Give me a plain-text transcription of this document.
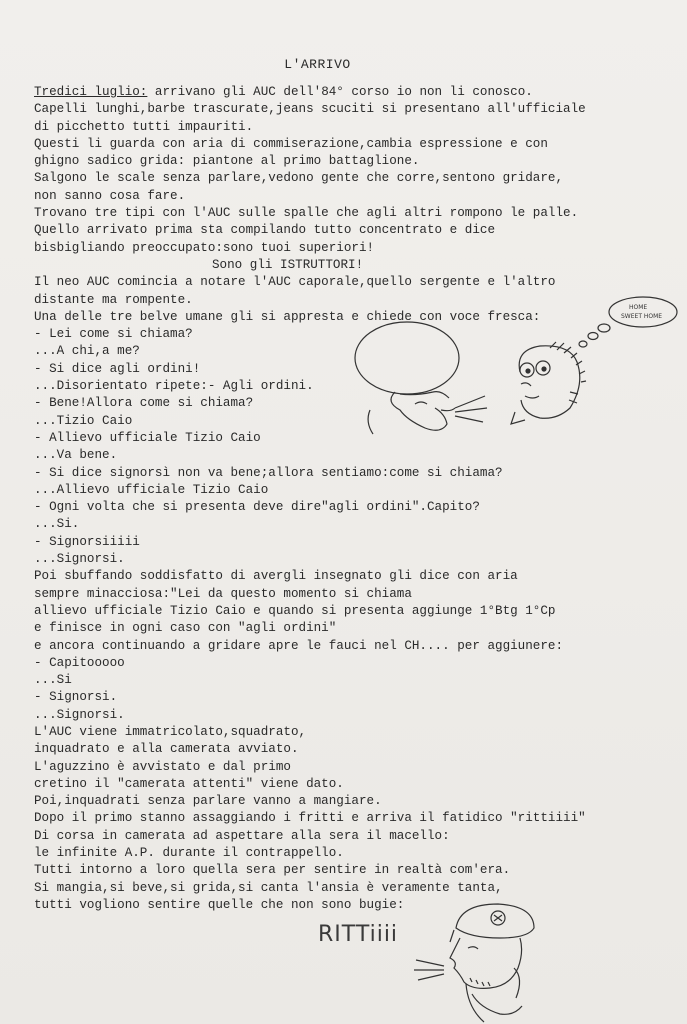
L'ARRIVO
Tredici luglio: arrivano gli AUC dell'84° corso io non li conosco.
Capelli lunghi,barbe trascurate,jeans scuciti si presentano all'ufficiale
di picchetto tutti impauriti.
Questi li guarda con aria di commiserazione,cambia espressione e con
ghigno sadico grida: piantone al primo battaglione.
Salgono le scale senza parlare,vedono gente che corre,sentono gridare,
non sanno cosa fare.
Trovano tre tipi con l'AUC sulle spalle che agli altri rompono le palle.
Quello arrivato prima sta compilando tutto concentrato e dice
bisbigliando preoccupato:sono tuoi superiori!
Sono gli ISTRUTTORI!
Il neo AUC comincia a notare l'AUC caporale,quello sergente e l'altro
distante ma rompente.
Una delle tre belve umane gli si appresta e chiede con voce fresca:
- Lei come si chiama?
...A chi,a me?
- Si dice agli ordini!
...Disorientato ripete:- Agli ordini.
- Bene!Allora come si chiama?
...Tizio Caio
- Allievo ufficiale Tizio Caio
...Va bene.
- Si dice signorsì non va bene;allora sentiamo:come si chiama?
...Allievo ufficiale Tizio Caio
- Ogni volta che si presenta deve dire"agli ordini".Capito?
...Si.
- Signorsiiiii
...Signorsi.
Poi sbuffando soddisfatto di avergli insegnato gli dice con aria
sempre minacciosa:"Lei da questo momento si chiama
allievo ufficiale Tizio Caio e quando si presenta aggiunge 1°Btg 1°Cp
e finisce in ogni caso con "agli ordini"
e ancora continuando a gridare apre le fauci nel CH.... per aggiunere:
- Capitooooo
...Si
- Signorsi.
...Signorsi.
L'AUC viene immatricolato,squadrato,
inquadrato e alla camerata avviato.
L'aguzzino è avvistato e dal primo
cretino il "camerata attenti" viene dato.
Poi,inquadrati senza parlare vanno a mangiare.
Dopo il primo stanno assaggiando i fritti e arriva il fatidico "rittiiii"
Di corsa in camerata ad aspettare alla sera il macello:
le infinite A.P. durante il contrappello.
Tutti intorno a loro quella sera per sentire in realtà com'era.
Si mangia,si beve,si grida,si canta l'ansia è veramente tanta,
tutti vogliono sentire quelle che non sono bugie:
HOME
SWEET HOME
RITTiiii
